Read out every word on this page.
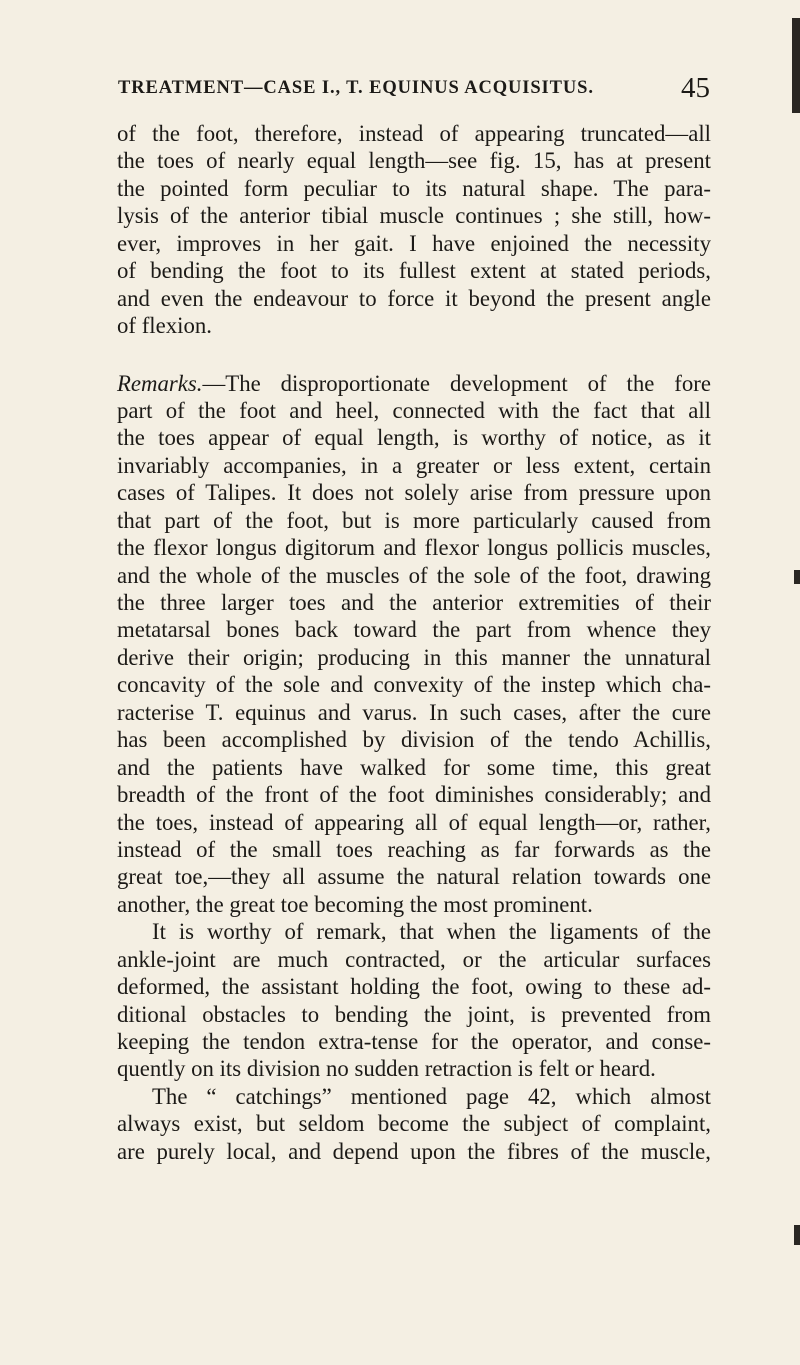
TREATMENT—CASE I., T. EQUINUS ACQUISITUS.	45
of the foot, therefore, instead of appearing truncated—all
the toes of nearly equal length—see fig. 15, has at present
the pointed form peculiar to its natural shape. The para-
lysis of the anterior tibial muscle continues ; she still, how-
ever, improves in her gait. I have enjoined the necessity
of bending the foot to its fullest extent at stated periods,
and even the endeavour to force it beyond the present angle
of flexion.
Remarks.—The disproportionate development of the fore
part of the foot and heel, connected with the fact that all
the toes appear of equal length, is worthy of notice, as it
invariably accompanies, in a greater or less extent, certain
cases of Talipes. It does not solely arise from pressure upon
that part of the foot, but is more particularly caused from
the flexor longus digitorum and flexor longus pollicis muscles,
and the whole of the muscles of the sole of the foot, drawing
the three larger toes and the anterior extremities of their
metatarsal bones back toward the part from whence they
derive their origin; producing in this manner the unnatural
concavity of the sole and convexity of the instep which cha-
racterise T. equinus and varus. In such cases, after the cure
has been accomplished by division of the tendo Achillis,
and the patients have walked for some time, this great
breadth of the front of the foot diminishes considerably; and
the toes, instead of appearing all of equal length—or, rather,
instead of the small toes reaching as far forwards as the
great toe,—they all assume the natural relation towards one
another, the great toe becoming the most prominent.
It is worthy of remark, that when the ligaments of the
ankle-joint are much contracted, or the articular surfaces
deformed, the assistant holding the foot, owing to these ad-
ditional obstacles to bending the joint, is prevented from
keeping the tendon extra-tense for the operator, and conse-
quently on its division no sudden retraction is felt or heard.
The “ catchings” mentioned page 42, which almost
always exist, but seldom become the subject of complaint,
are purely local, and depend upon the fibres of the muscle,
